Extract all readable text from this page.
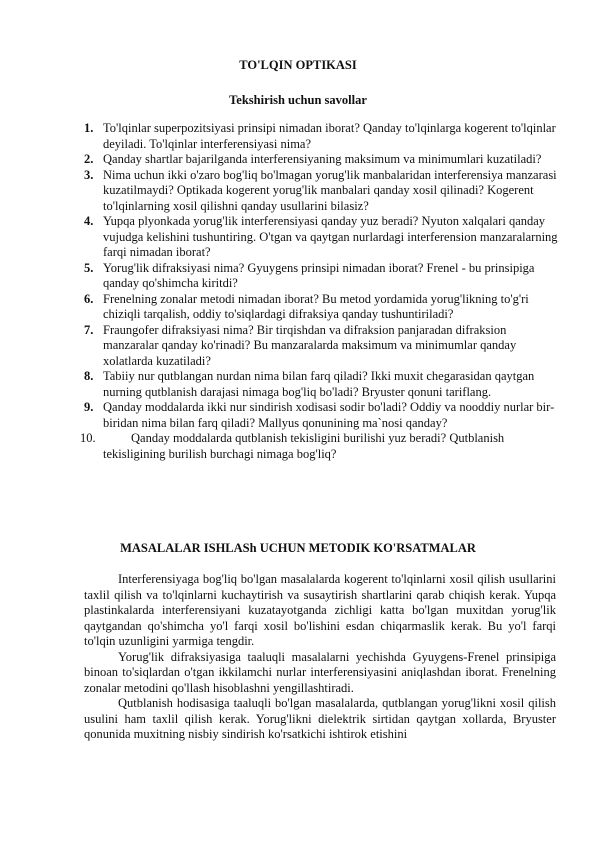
TO'LQIN OPTIKASI
Tekshirish uchun savollar
1. To'lqinlar superpozitsiyasi prinsipi nimadan iborat? Qanday to'lqinlarga kogerent to'lqinlar deyiladi. To'lqinlar interferensiyasi nima?
2. Qanday shartlar bajarilganda interferensiyaning maksimum va minimumlari kuzatiladi?
3. Nima uchun ikki o'zaro bog'liq bo'lmagan yorug'lik manbalaridan interferensiya manzarasi kuzatilmaydi? Optikada kogerent yorug'lik manbalari qanday xosil qilinadi? Kogerent to'lqinlarning xosil qilishni qanday usullarini bilasiz?
4. Yupqa plyonkada yorug'lik interferensiyasi qanday yuz beradi? Nyuton xalqalari qanday vujudga kelishini tushuntiring. O'tgan va qaytgan nurlardagi interferension manzaralarning farqi nimadan iborat?
5. Yorug'lik difraksiyasi nima? Gyuygens prinsipi nimadan iborat? Frenel - bu prinsipiga qanday qo'shimcha kiritdi?
6. Frenelning zonalar metodi nimadan iborat? Bu metod yordamida yorug'likning to'g'ri chiziqli tarqalish, oddiy to'siqlardagi difraksiya qanday tushuntiriladi?
7. Fraungofer difraksiyasi nima? Bir tirqishdan va difraksion panjaradan difraksion manzaralar qanday ko'rinadi? Bu manzaralarda maksimum va minimumlar qanday xolatlarda kuzatiladi?
8. Tabiiy nur qutblangan nurdan nima bilan farq qiladi? Ikki muxit chegarasidan qaytgan nurning qutblanish darajasi nimaga bog'liq bo'ladi? Bryuster qonuni tariflang.
9. Qanday moddalarda ikki nur sindirish xodisasi sodir bo'ladi? Oddiy va nooddiy nurlar bir-biridan nima bilan farq qiladi? Mallyus qonunining ma`nosi qanday?
10.	Qanday moddalarda qutblanish tekisligini burilishi yuz beradi? Qutblanish
tekisligining burilish burchagi nimaga bog'liq?
MASALALAR ISHLASh UCHUN METODIK KO'RSATMALAR

Interferensiyaga bog'liq bo'lgan masalalarda kogerent to'lqinlarni xosil qilish usullarini taxlil qilish va to'lqinlarni kuchaytirish va susaytirish shartlarini qarab chiqish kerak. Yupqa plastinkalarda interferensiyani kuzatayotganda zichligi katta bo'lgan muxitdan yorug'lik qaytgandan qo'shimcha yo'l farqi xosil bo'lishini esdan chiqarmaslik kerak. Bu yo'l farqi to'lqin uzunligini yarmiga tengdir.

Yorug'lik difraksiyasiga taaluqli masalalarni yechishda Gyuygens-Frenel prinsipiga binoan to'siqlardan o'tgan ikkilamchi nurlar interferensiyasini aniqlashdan iborat. Frenelning zonalar metodini qo'llash hisoblashni yengillashtiradi.

Qutblanish hodisasiga taaluqli bo'lgan masalalarda, qutblangan yorug'likni xosil qilish usulini ham taxlil qilish kerak. Yorug'likni dielektrik sirtidan qaytgan xollarda, Bryuster qonunida muxitning nisbiy sindirish ko'rsatkichi ishtirok etishini
